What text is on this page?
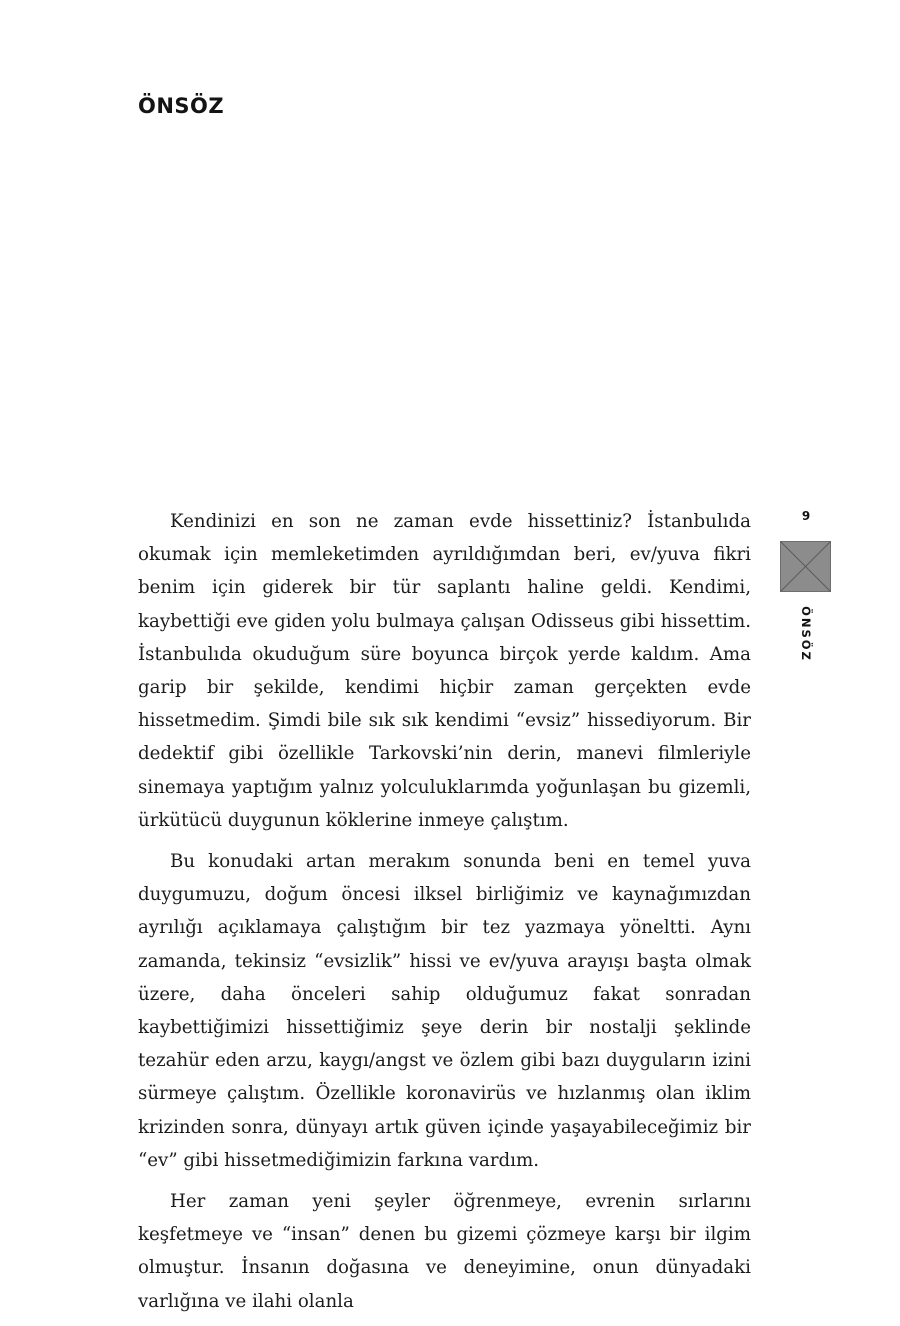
ÖNSÖZ

Kendinizi en son ne zaman evde hissettiniz? İstanbulıda okumak için memleketimden ayrıldığımdan beri, ev/yuva fikri benim için giderek bir tür saplantı haline geldi. Kendimi, kaybettiği eve giden yolu bulmaya çalışan Odisseus gibi hissettim. İstanbulıda okuduğum süre boyunca birçok yerde kaldım. Ama garip bir şekilde, kendimi hiçbir zaman gerçekten evde hissetmedim. Şimdi bile sık sık kendimi “evsiz” hissediyorum. Bir dedektif gibi özellikle Tarkovski’nin derin, manevi filmleriyle sinemaya yaptığım yalnız yolculuklarımda yoğunlaşan bu gizemli, ürkütücü duygunun köklerine inmeye çalıştım.

Bu konudaki artan merakım sonunda beni en temel yuva duygumuzu, doğum öncesi ilksel birliğimiz ve kaynağımızdan ayrılığı açıklamaya çalıştığım bir tez yazmaya yöneltti. Aynı zamanda, tekinsiz “evsizlik” hissi ve ev/yuva arayışı başta olmak üzere, daha önceleri sahip olduğumuz fakat sonradan kaybettiğimizi hissettiğimiz şeye derin bir nostalji şeklinde tezahür eden arzu, kaygı/angst ve özlem gibi bazı duyguların izini sürmeye çalıştım. Özellikle koronavirüs ve hızlanmış olan iklim krizinden sonra, dünyayı artık güven içinde yaşayabileceğimiz bir “ev” gibi hissetmediğimizin farkına vardım.

Her zaman yeni şeyler öğrenmeye, evrenin sırlarını keşfetmeye ve “insan” denen bu gizemi çözmeye karşı bir ilgim olmuştur. İnsanın doğasına ve deneyimine, onun dünyadaki varlığına ve ilahi olanla

9
ÖNSÖZ
